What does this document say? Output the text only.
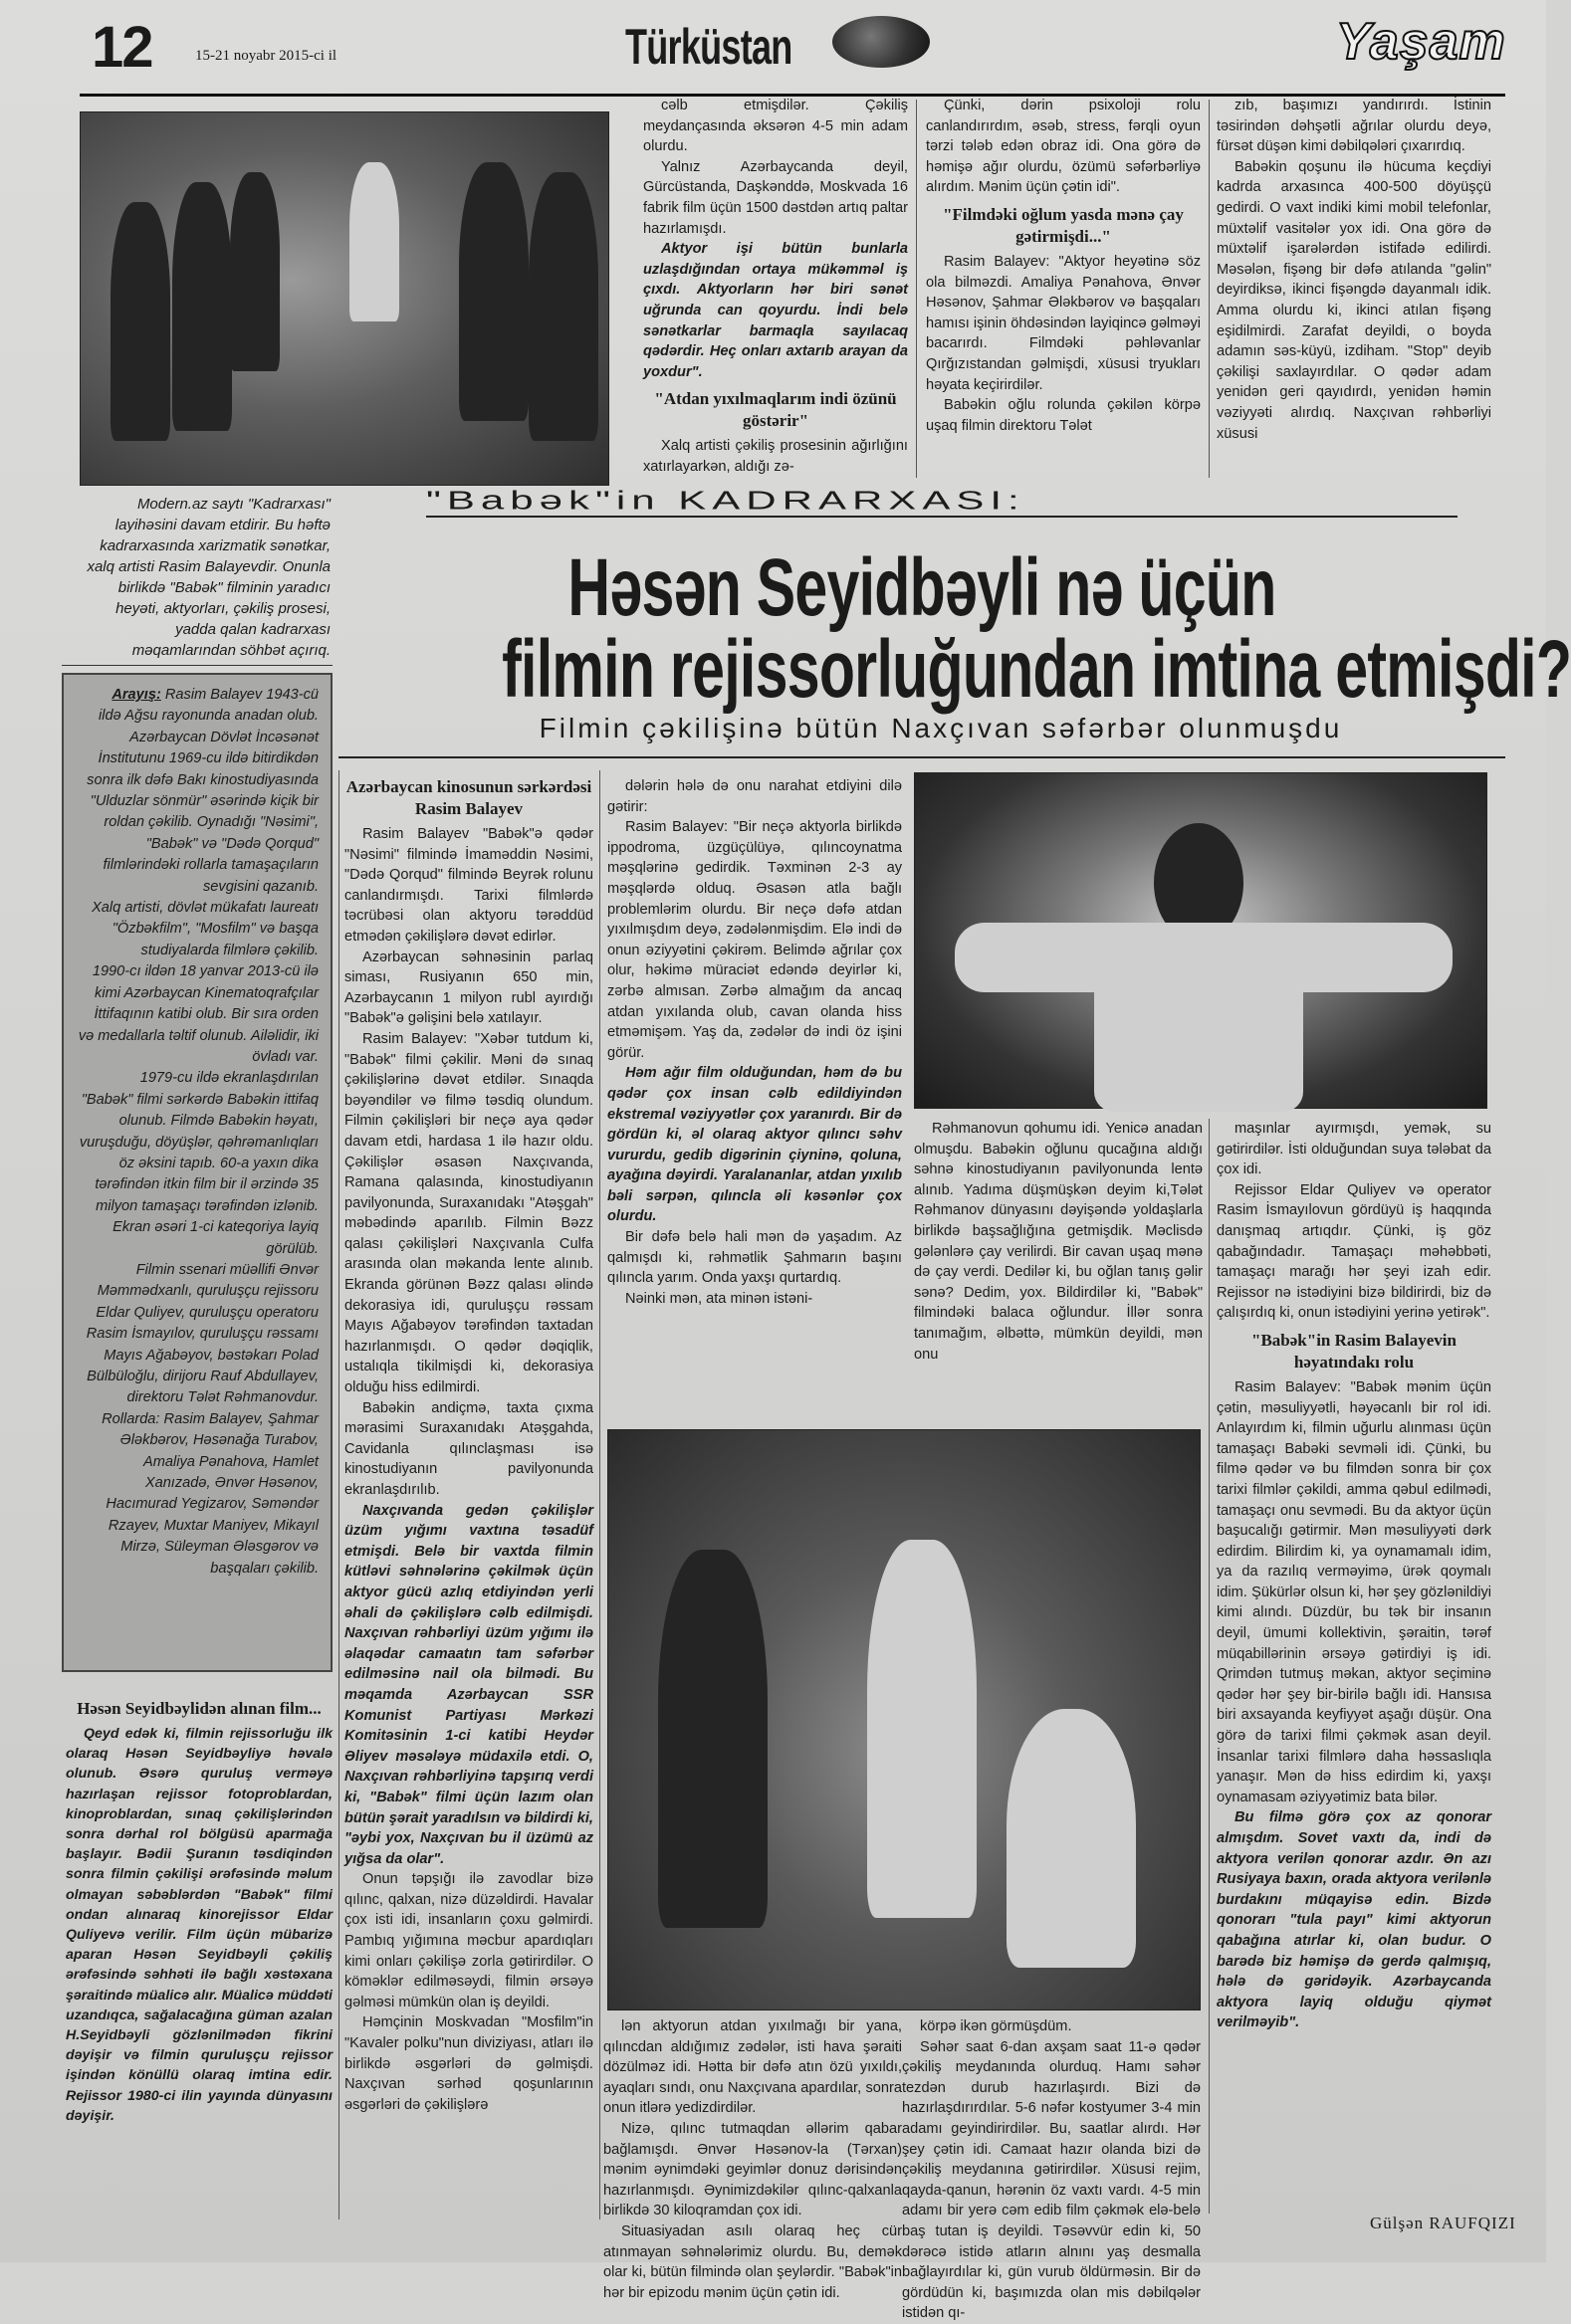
12	15-21 noyabr 2015-ci il	Türküstan	Yaşam
Modern.az saytı "Kadrarxası" layihəsini davam etdirir. Bu həftə kadrarxasında xarizmatik sənətkar, xalq artisti Rasim Balayevdir. Onunla birlikdə "Babək" filminin yaradıcı heyəti, aktyorları, çəkiliş prosesi, yadda qalan kadrarxası məqamlarından söhbət açırıq.
"Babək"in KADRARXASI:
Həsən Seyidbəyli nə üçün
filmin rejissorluğundan imtina etmişdi?
Filmin çəkilişinə bütün Naxçıvan səfərbər olunmuşdu

Arayış: Rasim Balayev 1943-cü ildə Ağsu rayonunda anadan olub. Azərbaycan Dövlət İncəsənət İnstitutunu 1969-cu ildə bitirdikdən sonra ilk dəfə Bakı kinostudiyasında "Ulduzlar sönmür" əsərində kiçik bir roldan çəkilib. Oynadığı "Nəsimi", "Babək" və "Dədə Qorqud" filmlərindəki rollarla tamaşaçıların sevgisini qazanıb.

Xalq artisti, dövlət mükafatı laureatı "Özbəkfilm", "Mosfilm" və başqa studiyalarda filmlərə çəkilib.

1990-cı ildən 18 yanvar 2013-cü ilə kimi Azərbaycan Kinematoqrafçılar İttifaqının katibi olub. Bir sıra orden və medallarla təltif olunub. Ailəlidir, iki övladı var.

1979-cu ildə ekranlaşdırılan "Babək" filmi sərkərdə Babəkin ittifaq olunub. Filmdə Babəkin həyatı, vuruşduğu, döyüşlər, qəhrəmanlıqları öz əksini tapıb. 60-a yaxın dika tərəfindən itkin film bir il ərzində 35 milyon tamaşaçı tərəfindən izlənib. Ekran əsəri 1-ci kateqoriya layiq görülüb.

Filmin ssenari müəllifi Ənvər Məmmədxanlı, quruluşçu rejissoru Eldar Quliyev, quruluşçu operatoru Rasim İsmayılov, quruluşçu rəssamı Mayıs Ağabəyov, bəstəkarı Polad Bülbüloğlu, dirijoru Rauf Abdullayev, direktoru Tələt Rəhmanovdur.

Rollarda: Rasim Balayev, Şahmar Ələkbərov, Həsənağa Turabov, Amaliya Pənahova, Hamlet Xanızadə, Ənvər Həsənov, Hacımurad Yegizarov, Səməndər Rzayev, Muxtar Maniyev, Mikayıl Mirzə, Süleyman Ələsgərov və başqaları çəkilib.

Həsən Seyidbəylidən alınan film...

Qeyd edək ki, filmin rejissorluğu ilk olaraq Həsən Seyidbəyliyə həvalə olunub. Əsərə quruluş verməyə hazırlaşan rejissor fotoproblardan, kinoproblardan, sınaq çəkilişlərindən sonra dərhal rol bölgüsü aparmağa başlayır. Bədii Şuranın təsdiqindən sonra filmin çəkilişi ərəfəsində məlum olmayan səbəblərdən "Babək" filmi ondan alınaraq kinorejissor Eldar Quliyevə verilir. Film üçün mübarizə aparan Həsən Seyidbəyli çəkiliş ərəfəsində səhhəti ilə bağlı xəstəxana şəraitində müalicə alır. Müalicə müddəti uzandıqca, sağalacağına güman azalan H.Seyidbəyli gözlənilmədən fikrini dəyişir və filmin quruluşçu rejissor işindən könüllü olaraq imtina edir. Rejissor 1980-ci ilin yayında dünyasını dəyişir.

Azərbaycan kinosunun sərkərdəsi Rasim Balayev

Rasim Balayev "Babək"ə qədər "Nəsimi" filmində İmaməddin Nəsimi, "Dədə Qorqud" filmində Beyrək rolunu canlandırmışdı. Tarixi filmlərdə təcrübəsi olan aktyoru tərəddüd etmədən çəkilişlərə dəvət edirlər.

Azərbaycan səhnəsinin parlaq siması, Rusiyanın 650 min, Azərbaycanın 1 milyon rubl ayırdığı "Babək"ə gəlişini belə xatılayır.

Rasim Balayev: "Xəbər tutdum ki, "Babək" filmi çəkilir. Məni də sınaq çəkilişlərinə dəvət etdilər. Sınaqda bəyəndilər və filmə təsdiq olundum. Filmin çəkilişləri bir neçə aya qədər davam etdi, hardasa 1 ilə hazır oldu. Çəkilişlər əsasən Naxçıvanda, Ramana qalasında, kinostudiyanın pavilyonunda, Suraxanıdakı "Atəşgah" məbədində aparılıb. Filmin Bəzz qalası çəkilişləri Naxçıvanla Culfa arasında olan məkanda lente alınıb. Ekranda görünən Bəzz qalası əlində dekorasiya idi, quruluşçu rəssam Mayıs Ağabəyov tərəfindən taxtadan hazırlanmışdı. O qədər dəqiqlik, ustalıqla tikilmişdi ki, dekorasiya olduğu hiss edilmirdi.

Babəkin andiçmə, taxta çıxma mərasimi Suraxanıdakı Atəşgahda, Cavidanla qılınclaşması isə kinostudiyanın pavilyonunda ekranlaşdırılıb.

Naxçıvanda gedən çəkilişlər üzüm yığımı vaxtına təsadüf etmişdi. Belə bir vaxtda filmin kütləvi səhnələrinə çəkilmək üçün aktyor gücü azlıq etdiyindən yerli əhali də çəkilişlərə cəlb edilmişdi. Naxçıvan rəhbərliyi üzüm yığımı ilə əlaqədar camaatın tam səfərbər edilməsinə nail ola bilmədi. Bu məqamda Azərbaycan SSR Komunist Partiyası Mərkəzi Komitəsinin 1-ci katibi Heydər Əliyev məsələyə müdaxilə etdi. O, Naxçıvan rəhbərliyinə tapşırıq verdi ki, "Babək" filmi üçün lazım olan bütün şərait yaradılsın və bildirdi ki, "əybi yox, Naxçıvan bu il üzümü az yığsa da olar".

Onun təpşığı ilə zavodlar bizə qılınc, qalxan, nizə düzəldirdi. Havalar çox isti idi, insanların çoxu gəlmirdi. Pambıq yığımına məcbur apardıqları kimi onları çəkilişə zorla gətirirdilər. O köməklər edilməsəydi, filmin ərsəyə gəlməsi mümkün olan iş deyildi.

Həmçinin Moskvadan "Mosfilm"in "Kavaler polku"nun diviziyası, atları ilə birlikdə əsgərləri də gəlmişdi. Naxçıvan sərhəd qoşunlarının əsgərləri də çəkilişlərə

cəlb etmişdilər. Çəkiliş meydançasında əksərən 4-5 min adam olurdu.

Yalnız Azərbaycanda deyil, Gürcüstanda, Daşkənddə, Moskvada 16 fabrik film üçün 1500 dəstdən artıq paltar hazırlamışdı.

Aktyor işi bütün bunlarla uzlaşdığından ortaya mükəmməl iş çıxdı. Aktyorların hər biri sənət uğrunda can qoyurdu. İndi belə sənətkarlar barmaqla sayılacaq qədərdir. Heç onları axtarıb arayan da yoxdur".

"Atdan yıxılmaqlarım indi özünü göstərir"

Xalq artisti çəkiliş prosesinin ağırlığını xatırlayarkən, aldığı zə-

Çünki, dərin psixoloji rolu canlandırırdım, əsəb, stress, fərqli oyun tərzi tələb edən obraz idi. Ona görə də həmişə ağır olurdu, özümü səfərbərliyə alırdım. Mənim üçün çətin idi".

"Filmdəki oğlum yasda mənə çay gətirmişdi..."

Rasim Balayev: "Aktyor heyətinə söz ola bilməzdi. Amaliya Pənahova, Ənvər Həsənov, Şahmar Ələkbərov və başqaları hamısı işinin öhdəsindən layiqincə gəlməyi bacarırdı. Filmdəki pəhləvanlar Qırğızıstandan gəlmişdi, xüsusi tryukları həyata keçirirdilər.

Babəkin oğlu rolunda çəkilən körpə uşaq filmin direktoru Tələt

zıb, başımızı yandırırdı. İstinin təsirindən dəhşətli ağrılar olurdu deyə, fürsət düşən kimi dəbilqələri çıxarırdıq.

Babəkin qoşunu ilə hücuma keçdiyi kadrda arxasınca 400-500 döyüşçü gedirdi. O vaxt indiki kimi mobil telefonlar, müxtəlif vasitələr yox idi. Ona görə də müxtəlif işarələrdən istifadə edilirdi. Məsələn, fişəng bir dəfə atılanda "gəlin" deyirdiksə, ikinci fişəngdə dayanmalı idik. Amma olurdu ki, ikinci atılan fişəng eşidilmirdi. Zarafat deyildi, o boyda adamın səs-küyü, izdiham. "Stop" deyib çəkilişi saxlayırdılar. O qədər adam yenidən geri qayıdırdı, yenidən həmin vəziyyəti alırdıq. Naxçıvan rəhbərliyi xüsusi

dələrin hələ də onu narahat etdiyini dilə gətirir:

Rasim Balayev: "Bir neçə aktyorla birlikdə ippodroma, üzgüçülüyə, qılıncoynatma məşqlərinə gedirdik. Təxminən 2-3 ay məşqlərdə olduq. Əsasən atla bağlı problemlərim olurdu. Bir neçə dəfə atdan yıxılmışdım deyə, zədələnmişdim. Elə indi də onun əziyyətini çəkirəm. Belimdə ağrılar çox olur, həkimə müraciət edəndə deyirlər ki, zərbə almısan. Zərbə almağım da ancaq atdan yıxılanda olub, cavan olanda hiss etməmişəm. Yaş da, zədələr də indi öz işini görür.

Həm ağır film olduğundan, həm də bu qədər çox insan cəlb edildiyindən ekstremal vəziyyətlər çox yaranırdı. Bir də gördün ki, əl olaraq aktyor qılıncı səhv vururdu, gedib digərinin çiyninə, qoluna, ayağına dəyirdi. Yaralananlar, atdan yıxılıb bəli sərpən, qılıncla əli kəsənlər çox olurdu.

Bir dəfə belə hali mən də yaşadım. Az qalmışdı ki, rəhmətlik Şahmarın başını qılıncla yarım. Onda yaxşı qurtardıq.

Nəinki mən, ata minən istəni-

Rəhmanovun qohumu idi. Yenicə anadan olmuşdu. Babəkin oğlunu qucağına aldığı səhnə kinostudiyanın pavilyonunda lentə alınıb. Yadıma düşmüşkən deyim ki,Tələt Rəhmanov dünyasını dəyişəndə yoldaşlarla birlikdə başsağlığına getmişdik. Məclisdə gələnlərə çay verilirdi. Bir cavan uşaq mənə də çay verdi. Dedilər ki, bu oğlan tanış gəlir sənə? Dedim, yox. Bildirdilər ki, "Babək" filmindəki balaca oğlundur. İllər sonra tanımağım, əlbəttə, mümkün deyildi, mən onu

maşınlar ayırmışdı, yemək, su gətirirdilər. İsti olduğundan suya tələbat da çox idi.

Rejissor Eldar Quliyev və operator Rasim İsmayılovun gördüyü iş haqqında danışmaq artıqdır. Çünki, iş göz qabağındadır. Tamaşaçı məhəbbəti, tamaşaçı marağı hər şeyi izah edir. Rejissor nə istədiyini bizə bildirirdi, biz də çalışırdıq ki, onun istədiyini yerinə yetirək".

"Babək"in Rasim Balayevin həyatındakı rolu

Rasim Balayev: "Babək mənim üçün çətin, məsuliyyətli, həyəcanlı bir rol idi. Anlayırdım ki, filmin uğurlu alınması üçün tamaşaçı Babəki sevməli idi. Çünki, bu filmə qədər və bu filmdən sonra bir çox tarixi filmlər çəkildi, amma qəbul edilmədi, tamaşaçı onu sevmədi. Bu da aktyor üçün başucalığı gətirmir. Mən məsuliyyəti dərk edirdim. Bilirdim ki, ya oynamamalı idim, ya da razılıq verməyimə, ürək qoymalı idim. Şükürlər olsun ki, hər şey gözlənildiyi kimi alındı. Düzdür, bu tək bir insanın deyil, ümumi kollektivin, şəraitin, tərəf müqabillərinin ərsəyə gətirdiyi iş idi. Qrimdən tutmuş məkan, aktyor seçiminə qədər hər şey bir-birilə bağlı idi. Hansısa biri axsayanda keyfiyyət aşağı düşür. Ona görə də tarixi filmi çəkmək asan deyil. İnsanlar tarixi filmlərə daha həssaslıqla yanaşır. Mən də hiss edirdim ki, yaxşı oynamasam əziyyətimiz bata bilər.

Bu filmə görə çox az qonorar almışdım. Sovet vaxtı da, indi də aktyora verilən qonorar azdır. Ən azı Rusiyaya baxın, orada aktyora verilənlə burdakını müqayisə edin. Bizdə qonorarı "tula payı" kimi aktyorun qabağına atırlar ki, olan budur. O barədə biz həmişə də gerdə qalmışıq, hələ də gəridəyik. Azərbaycanda aktyora layiq olduğu qiymət verilməyib".

lən aktyorun atdan yıxılmağı bir yana, qılıncdan aldığımız zədələr, isti hava şəraiti dözülməz idi. Hətta bir dəfə atın özü yıxıldı, ayaqları sındı, onu Naxçıvana apardılar, sonra onun itlərə yedizdirdilər.

Nizə, qılınc tutmaqdan əllərim qabar bağlamışdı. Ənvər Həsənov-la (Tərxan) mənim əynimdəki geyimlər donuz dərisindən hazırlanmışdı. Əynimizdəkilər qılınc-qalxanla birlikdə 30 kiloqramdan çox idi.

Situasiyadan asılı olaraq heç cür atınmayan səhnələrimiz olurdu. Bu, demək olar ki, bütün filmində olan şeylərdir. "Babək"in hər bir epizodu mənim üçün çətin idi.

körpə ikən görmüşdüm.

Səhər saat 6-dan axşam saat 11-ə qədər çəkiliş meydanında olurduq. Hamı səhər tezdən durub hazırlaşırdı. Bizi də hazırlaşdırırdılar. 5-6 nəfər kostyumer 3-4 min adamı geyindirirdilər. Bu, saatlar alırdı. Hər şey çətin idi. Camaat hazır olanda bizi də çəkiliş meydanına gətirirdilər. Xüsusi rejim, qayda-qanun, hərənin öz vaxtı vardı. 4-5 min adamı bir yerə cəm edib film çəkmək elə-belə baş tutan iş deyildi. Təsəvvür edin ki, 50 dərəcə istidə atların alnını yaş desmalla bağlayırdılar ki, gün vurub öldürməsin. Bir də gördüdün ki, başımızda olan mis dəbilqələr istidən qı-

Gülşən RAUFQIZI
